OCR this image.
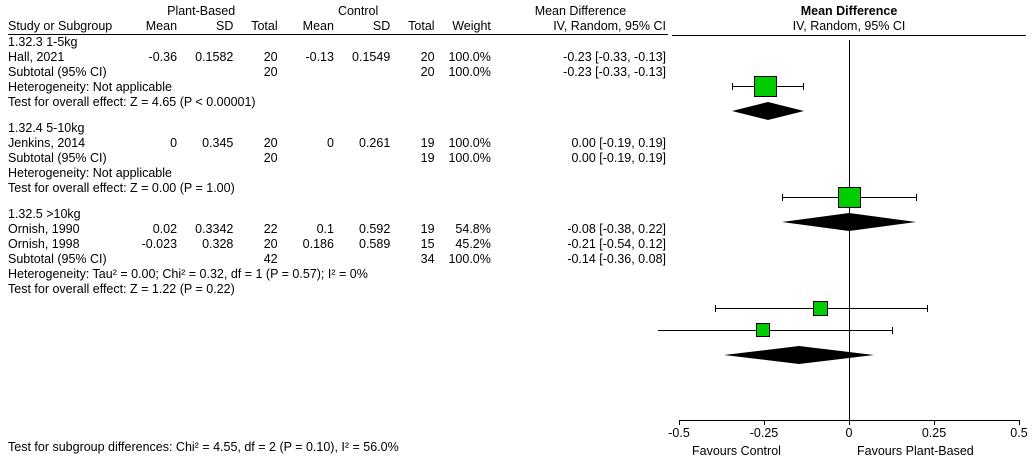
	Plant-Based			Control				Mean Difference
Study or Subgroup	Mean	SD	Total	Mean	SD	Total	Weight	IV, Random, 95% CI
1.32.3 1-5kg								
Hall, 2021	-0.36	0.1582	20	-0.13	0.1549	20	100.0%	-0.23 [-0.33, -0.13]
Subtotal (95% CI)			20			20	100.0%	-0.23 [-0.33, -0.13]
Heterogeneity: Not applicable								
Test for overall effect: Z = 4.65 (P < 0.00001)								

1.32.4 5-10kg								
Jenkins, 2014	0	0.345	20	0	0.261	19	100.0%	0.00 [-0.19, 0.19]
Subtotal (95% CI)			20			19	100.0%	0.00 [-0.19, 0.19]
Heterogeneity: Not applicable								
Test for overall effect: Z = 0.00 (P = 1.00)								

1.32.5 >10kg								
Ornish, 1990	0.02	0.3342	22	0.1	0.592	19	54.8%	-0.08 [-0.38, 0.22]
Ornish, 1998	-0.023	0.328	20	0.186	0.589	15	45.2%	-0.21 [-0.54, 0.12]
Subtotal (95% CI)			42			34	100.0%	-0.14 [-0.36, 0.08]
Heterogeneity: Tau² = 0.00; Chi² = 0.32, df = 1 (P = 0.57); I² = 0%								
Test for overall effect: Z = 1.22 (P = 0.22)								
Mean Difference
IV, Random, 95% CI
-0.5	-0.25	0	0.25	0.5
Favours Control	Favours Plant-Based
Test for subgroup differences: Chi² = 4.55, df = 2 (P = 0.10), I² = 56.0%
